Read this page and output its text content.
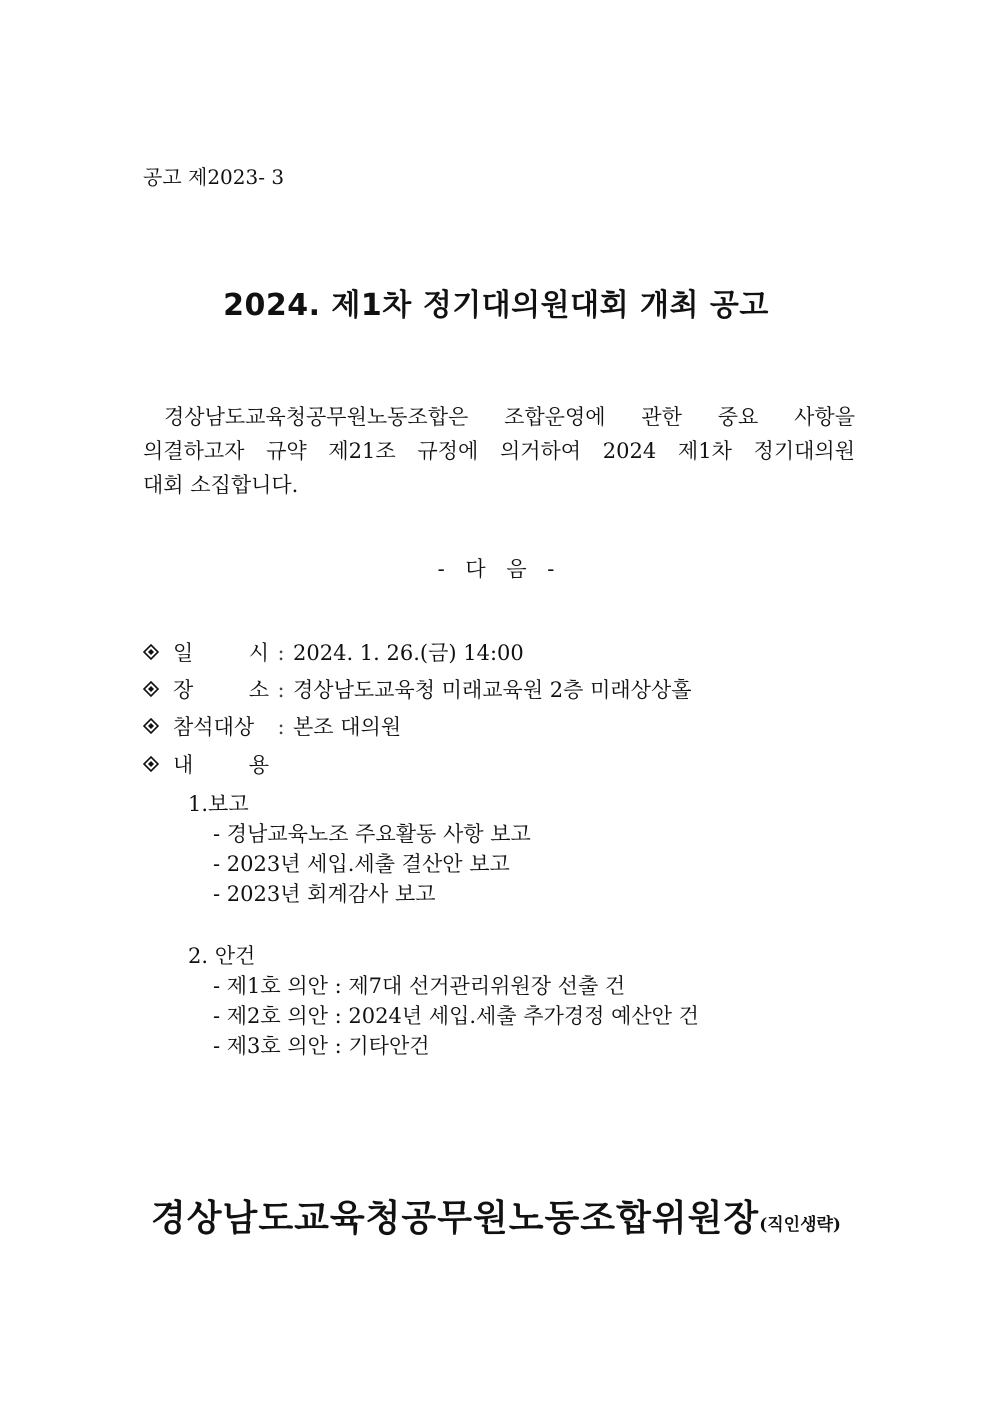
공고 제2023- 3
2024. 제1차 정기대의원대회 개최 공고
경상남도교육청공무원노동조합은 조합운영에 관한 중요 사항을
의결하고자 규약 제21조 규정에 의거하여 2024 제1차 정기대의원
대회 소집합니다.
- 다 음 -
일 시 : 2024. 1. 26.(금) 14:00
장 소 : 경상남도교육청 미래교육원 2층 미래상상홀
참석대상	: 본조 대의원
내 용
1.보고
- 경남교육노조 주요활동 사항 보고
- 2023년 세입.세출 결산안 보고
- 2023년 회계감사 보고
2. 안건
- 제1호 의안 : 제7대 선거관리위원장 선출 건
- 제2호 의안 : 2024년 세입.세출 추가경정 예산안 건
- 제3호 의안 : 기타안건
경상남도교육청공무원노동조합위원장(직인생략)
